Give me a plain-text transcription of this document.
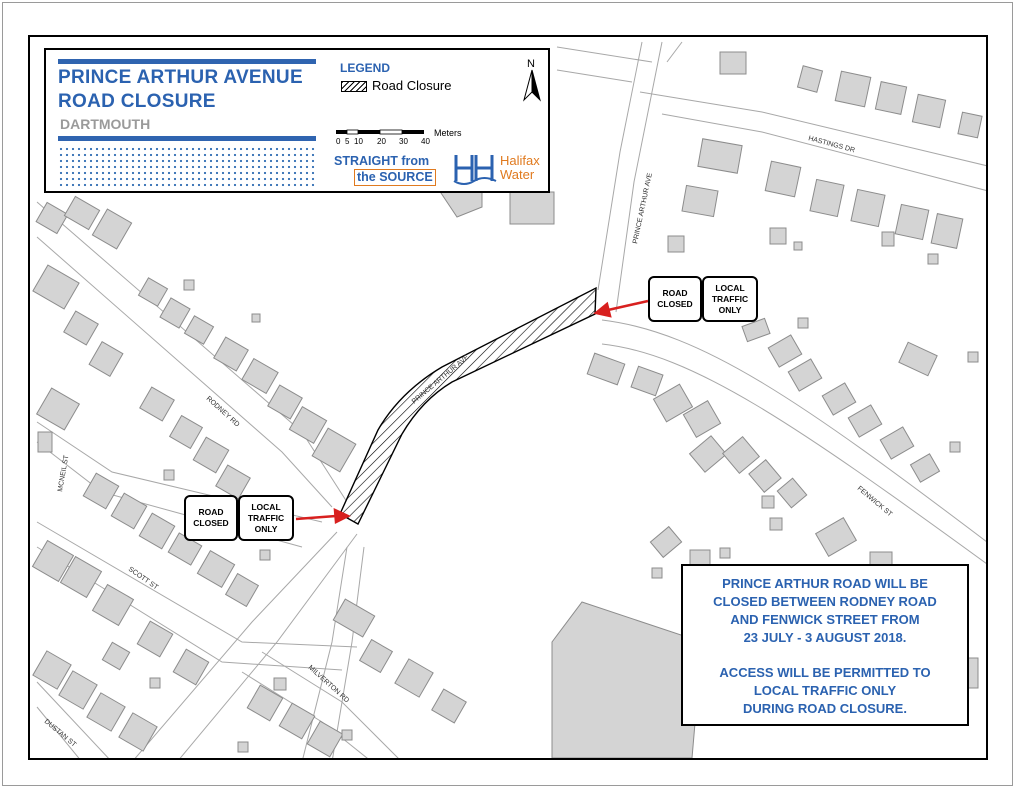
HASTINGS DR
PRINCE ARTHUR AVE
PRINCE ARTHUR AVE
RODNEY RD
MCNEIL ST
SCOTT ST
MILVERTON RD
DUSTAN ST
FENWICK ST
ROAD CLOSED
LOCAL TRAFFIC ONLY
ROAD CLOSED
LOCAL TRAFFIC ONLY
PRINCE ARTHUR AVENUE
ROAD CLOSURE
DARTMOUTH
LEGEND
Road Closure
0 5 10 20 30 40
Meters
STRAIGHT from
the SOURCE
Halifax
Water
N

PRINCE ARTHUR ROAD WILL BE

CLOSED BETWEEN RODNEY ROAD

AND FENWICK STREET FROM

23 JULY - 3 AUGUST 2018.

ACCESS WILL BE PERMITTED TO

LOCAL TRAFFIC ONLY

DURING ROAD CLOSURE.
